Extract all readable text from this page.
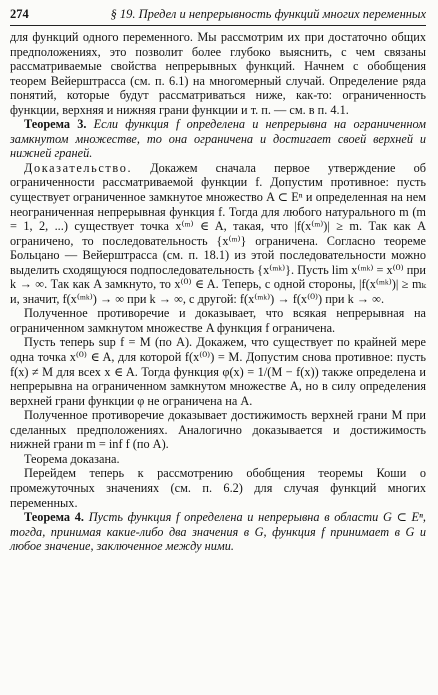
274	§ 19. Предел и непрерывность функций многих переменных

для функций одного переменного. Мы рассмотрим их при достаточно общих предположениях, это позволит более глубоко выяснить, с чем связаны рассматриваемые свойства непрерывных функций. Начнем с обобщения теорем Вейерштрасса (см. п. 6.1) на многомерный случай. Определение ряда понятий, которые будут рассматриваться ниже, как-то: ограниченность функции, верхняя и нижняя грани функции и т. п. — см. в п. 4.1.

Теорема 3. Если функция f определена и непрерывна на ограниченном замкнутом множестве, то она ограничена и достигает своей верхней и нижней граней.

Доказательство. Докажем сначала первое утверждение об ограниченности рассматриваемой функции f. Допустим противное: пусть существует ограниченное замкнутое множество A ⊂ Eⁿ и определенная на нем неограниченная непрерывная функция f. Тогда для любого натурального m (m = 1, 2, ...) существует точка x⁽ᵐ⁾ ∈ A, такая, что |f(x⁽ᵐ⁾)| ≥ m. Так как A ограничено, то последовательность {x⁽ᵐ⁾} ограничена. Согласно теореме Больцано — Вейерштрасса (см. п. 18.1) из этой последовательности можно выделить сходящуюся подпоследовательность {x⁽ᵐᵏ⁾}. Пусть lim x⁽ᵐᵏ⁾ = x⁽⁰⁾ при k → ∞. Так как A замкнуто, то x⁽⁰⁾ ∈ A. Теперь, с одной стороны, |f(x⁽ᵐᵏ⁾)| ≥ mₖ и, значит, f(x⁽ᵐᵏ⁾) → ∞ при k → ∞, с другой: f(x⁽ᵐᵏ⁾) → f(x⁽⁰⁾) при k → ∞.

Полученное противоречие и доказывает, что всякая непрерывная на ограниченном замкнутом множестве A функция f ограничена.

Пусть теперь sup f = M (по A). Докажем, что существует по крайней мере одна точка x⁽⁰⁾ ∈ A, для которой f(x⁽⁰⁾) = M. Допустим снова противное: пусть f(x) ≠ M для всех x ∈ A. Тогда функция φ(x) = 1/(M − f(x)) также определена и непрерывна на ограниченном замкнутом множестве A, но в силу определения верхней грани функции φ не ограничена на A.

Полученное противоречие доказывает достижимость верхней грани M при сделанных предположениях. Аналогично доказывается и достижимость нижней грани m = inf f (по A).

Теорема доказана.

Перейдем теперь к рассмотрению обобщения теоремы Коши о промежуточных значениях (см. п. 6.2) для случая функций многих переменных.

Теорема 4. Пусть функция f определена и непрерывна в области G ⊂ Eⁿ, тогда, принимая какие-либо два значения в G, функция f принимает в G и любое значение, заключенное между ними.
